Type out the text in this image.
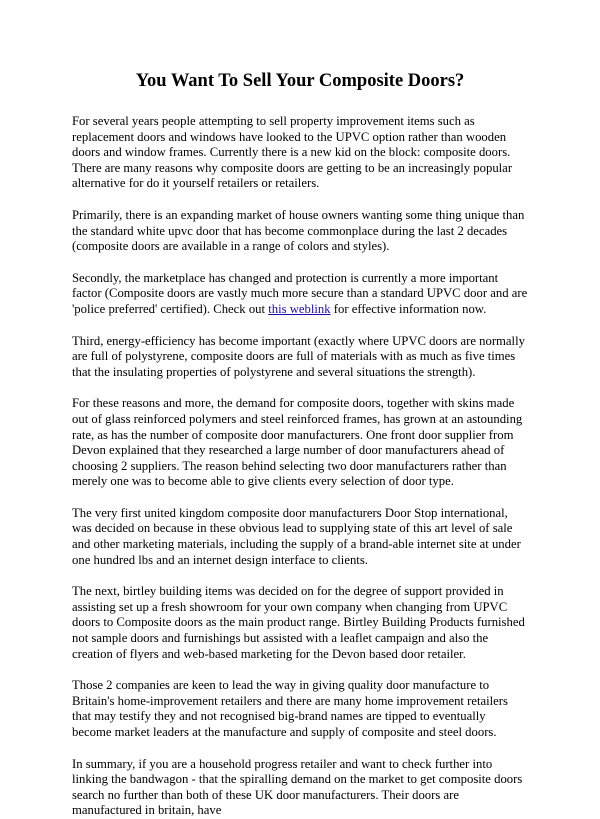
You Want To Sell Your Composite Doors?

For several years people attempting to sell property improvement items such as replacement doors and windows have looked to the UPVC option rather than wooden doors and window frames. Currently there is a new kid on the block: composite doors. There are many reasons why composite doors are getting to be an increasingly popular alternative for do it yourself retailers or retailers.

Primarily, there is an expanding market of house owners wanting some thing unique than the standard white upvc door that has become commonplace during the last 2 decades (composite doors are available in a range of colors and styles).

Secondly, the marketplace has changed and protection is currently a more important factor (Composite doors are vastly much more secure than a standard UPVC door and are 'police preferred' certified). Check out this weblink for effective information now.

Third, energy-efficiency has become important (exactly where UPVC doors are normally are full of polystyrene, composite doors are full of materials with as much as five times that the insulating properties of polystyrene and several situations the strength).

For these reasons and more, the demand for composite doors, together with skins made out of glass reinforced polymers and steel reinforced frames, has grown at an astounding rate, as has the number of composite door manufacturers. One front door supplier from Devon explained that they researched a large number of door manufacturers ahead of choosing 2 suppliers. The reason behind selecting two door manufacturers rather than merely one was to become able to give clients every selection of door type.

The very first united kingdom composite door manufacturers Door Stop international, was decided on because in these obvious lead to supplying state of this art level of sale and other marketing materials, including the supply of a brand-able internet site at under one hundred lbs and an internet design interface to clients.

The next, birtley building items was decided on for the degree of support provided in assisting set up a fresh showroom for your own company when changing from UPVC doors to Composite doors as the main product range. Birtley Building Products furnished not sample doors and furnishings but assisted with a leaflet campaign and also the creation of flyers and web-based marketing for the Devon based door retailer.

Those 2 companies are keen to lead the way in giving quality door manufacture to Britain's home-improvement retailers and there are many home improvement retailers that may testify they and not recognised big-brand names are tipped to eventually become market leaders at the manufacture and supply of composite and steel doors.

In summary, if you are a household progress retailer and want to check further into linking the bandwagon - that the spiralling demand on the market to get composite doors search no further than both of these UK door manufacturers. Their doors are manufactured in britain, have
